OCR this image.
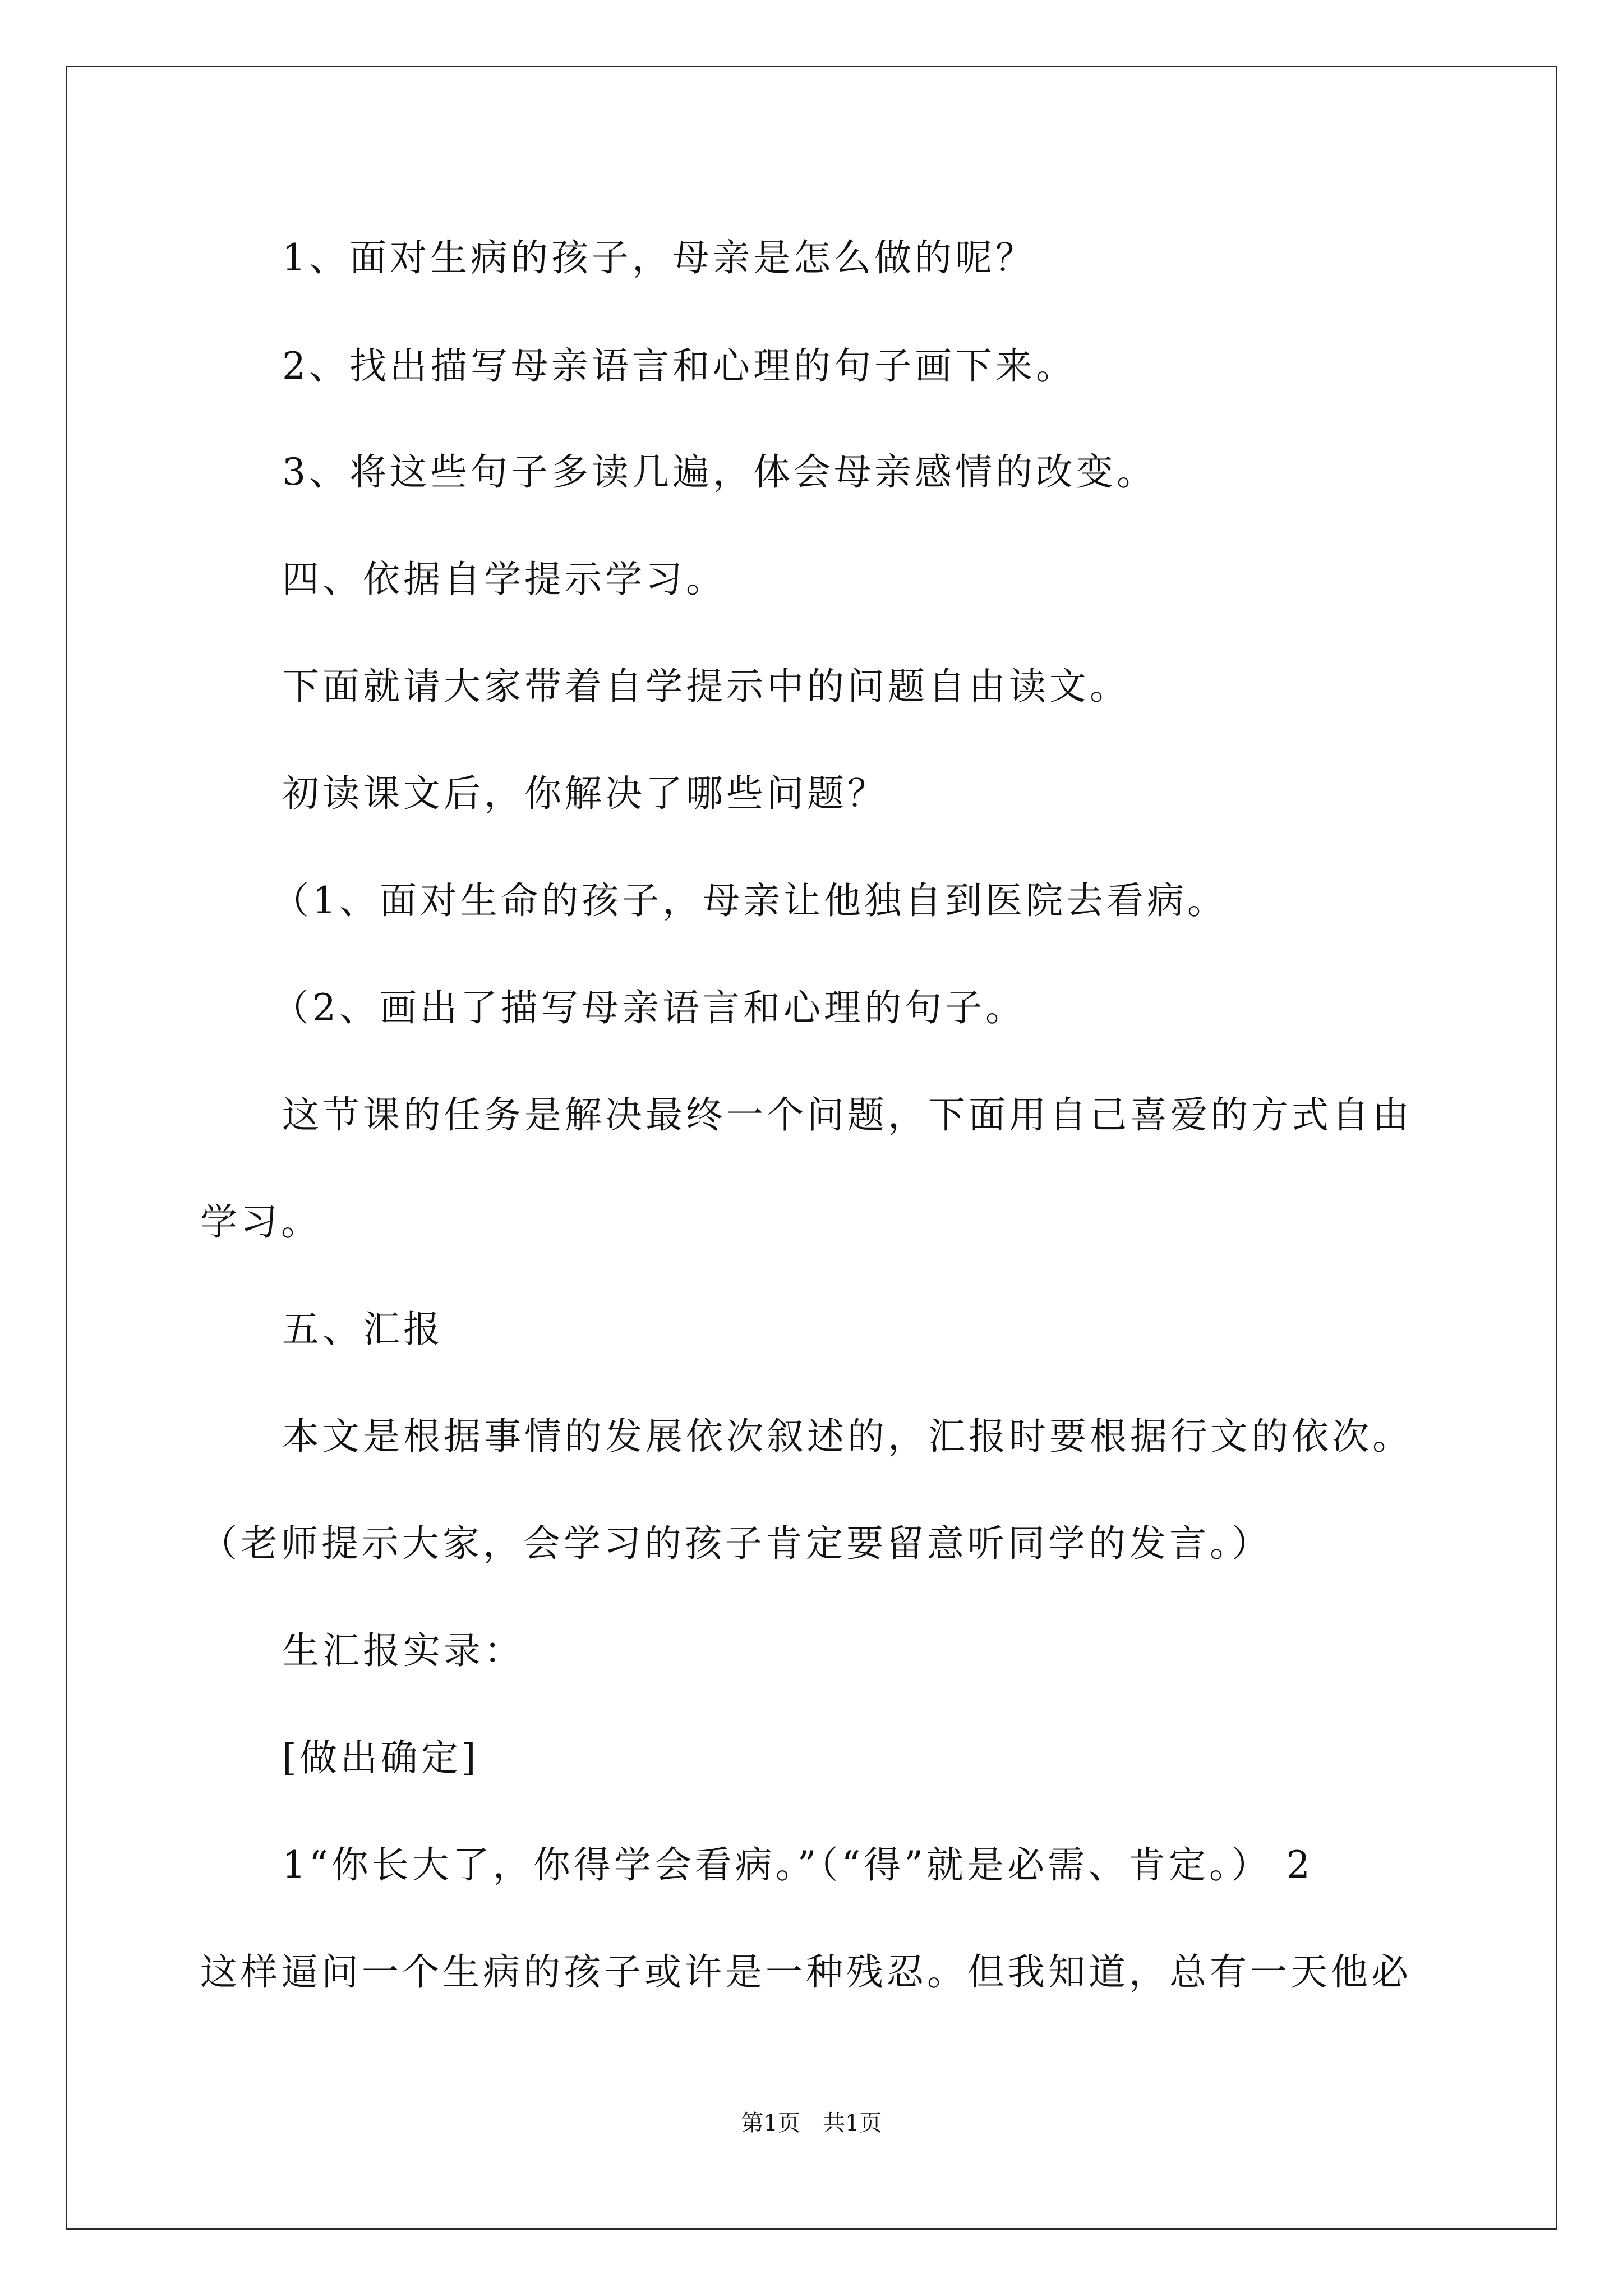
1、面对生病的孩子，母亲是怎么做的呢？
2、找出描写母亲语言和心理的句子画下来。
3、将这些句子多读几遍，体会母亲感情的改变。
四、依据自学提示学习。
下面就请大家带着自学提示中的问题自由读文。
初读课文后，你解决了哪些问题？
（1、面对生命的孩子，母亲让他独自到医院去看病。
（2、画出了描写母亲语言和心理的句子。
这节课的任务是解决最终一个问题，下面用自己喜爱的方式自由
学习。
五、汇报
本文是根据事情的发展依次叙述的，汇报时要根据行文的依次。
（老师提示大家，会学习的孩子肯定要留意听同学的发言。）
生汇报实录：
[做出确定]
1“你长大了，你得学会看病。”（“得”就是必需、肯定。） 2
这样逼问一个生病的孩子或许是一种残忍。但我知道，总有一天他必
第1页　共1页
